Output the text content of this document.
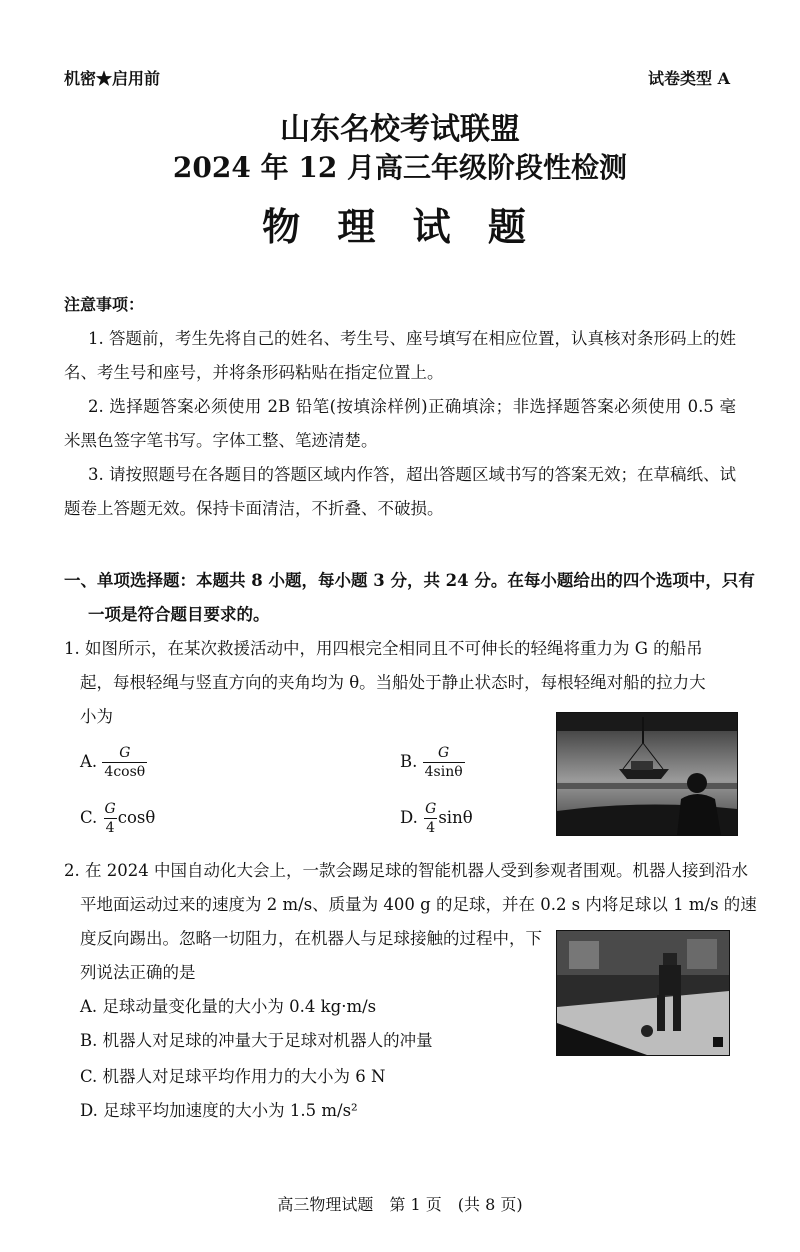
机密★启用前	试卷类型 A
山东名校考试联盟
2024 年 12 月高三年级阶段性检测
物 理 试 题
注意事项：
1. 答题前，考生先将自己的姓名、考生号、座号填写在相应位置，认真核对条形码上的姓名、考生号和座号，并将条形码粘贴在指定位置上。
2. 选择题答案必须使用 2B 铅笔(按填涂样例)正确填涂；非选择题答案必须使用 0.5 毫米黑色签字笔书写。字体工整、笔迹清楚。
3. 请按照题号在各题目的答题区域内作答，超出答题区域书写的答案无效；在草稿纸、试题卷上答题无效。保持卡面清洁，不折叠、不破损。
一、单项选择题：本题共 8 小题，每小题 3 分，共 24 分。在每小题给出的四个选项中，只有一项是符合题目要求的。
1. 如图所示，在某次救援活动中，用四根完全相同且不可伸长的轻绳将重力为 G 的船吊
起，每根轻绳与竖直方向的夹角均为 θ。当船处于静止状态时，每根轻绳对船的拉力大
小为
A. $\frac{G}{4\cos\theta}$	B. $\frac{G}{4\sin\theta}$
C. $\frac{G}{4}$ cosθ	D. $\frac{G}{4}$ sinθ
2. 在 2024 中国自动化大会上，一款会踢足球的智能机器人受到参观者围观。机器人接到沿水
平地面运动过来的速度为 2 m/s、质量为 400 g 的足球，并在 0.2 s 内将足球以 1 m/s 的速
度反向踢出。忽略一切阻力，在机器人与足球接触的过程中，下
列说法正确的是
A. 足球动量变化量的大小为 0.4 kg·m/s
B. 机器人对足球的冲量大于足球对机器人的冲量
C. 机器人对足球平均作用力的大小为 6 N
D. 足球平均加速度的大小为 1.5 m/s²
高三物理试题　第 1 页　(共 8 页)
